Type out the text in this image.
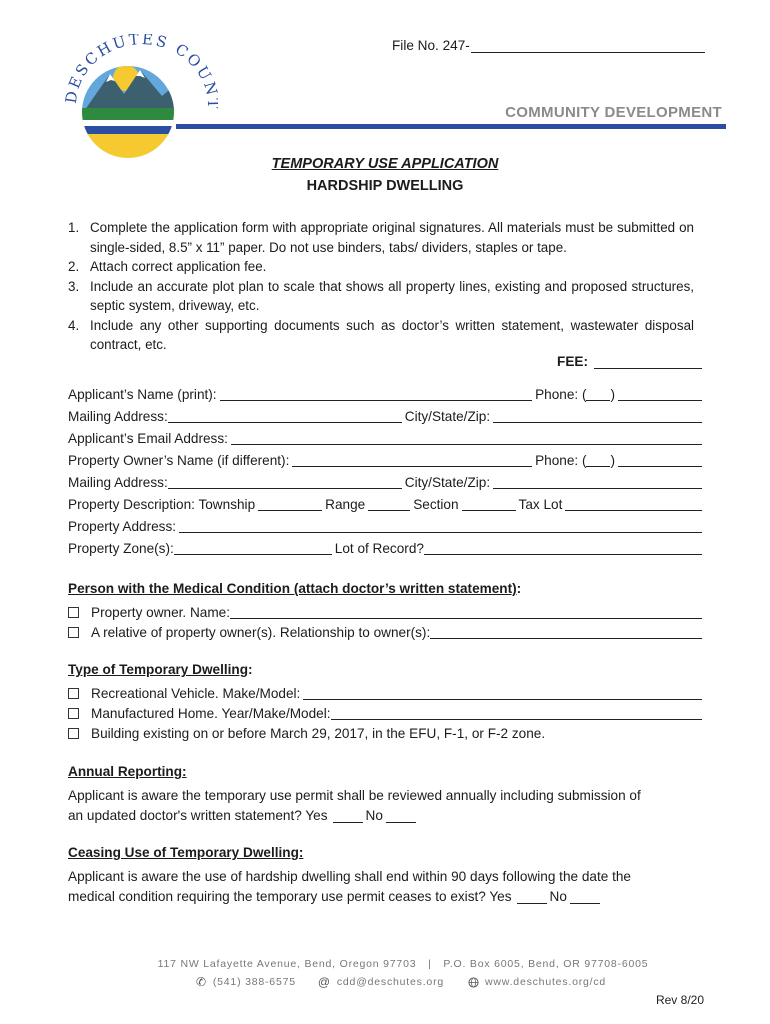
DESCHUTES COU
File No. 247-
COMMUNITY DEVELOPMENT
TEMPORARY USE APPLICATION
HARDSHIP DWELLING
1. Complete the application form with appropriate original signatures. All materials must be submitted on single-sided, 8.5” x 11” paper. Do not use binders, tabs/ dividers, staples or tape.
2. Attach correct application fee.
3. Include an accurate plot plan to scale that shows all property lines, existing and proposed structures, septic system, driveway, etc.
4. Include any other supporting documents such as doctor’s written statement, wastewater disposal contract, etc.
FEE:
Applicant’s Name (print):	Phone: ( )
Mailing Address:	City/State/Zip:
Applicant’s Email Address:
Property Owner’s Name (if different):	Phone: ( )
Mailing Address:	City/State/Zip:
Property Description: Township	Range	Section	Tax Lot
Property Address:
Property Zone(s):	Lot of Record?
Person with the Medical Condition (attach doctor’s written statement):
Property owner. Name:
A relative of property owner(s). Relationship to owner(s):
Type of Temporary Dwelling:
Recreational Vehicle. Make/Model:
Manufactured Home. Year/Make/Model:
Building existing on or before March 29, 2017, in the EFU, F-1, or F-2 zone.
Annual Reporting:
Applicant is aware the temporary use permit shall be reviewed annually including submission of
an updated doctor's written statement? Yes	No
Ceasing Use of Temporary Dwelling:
Applicant is aware the use of hardship dwelling shall end within 90 days following the date the
medical condition requiring the temporary use permit ceases to exist? Yes	No
117 NW Lafayette Avenue, Bend, Oregon 97703 | P.O. Box 6005, Bend, OR 97708-6005
✆ (541) 388-6575 @ cdd@deschutes.org	www.deschutes.org/cd
Rev 8/20
